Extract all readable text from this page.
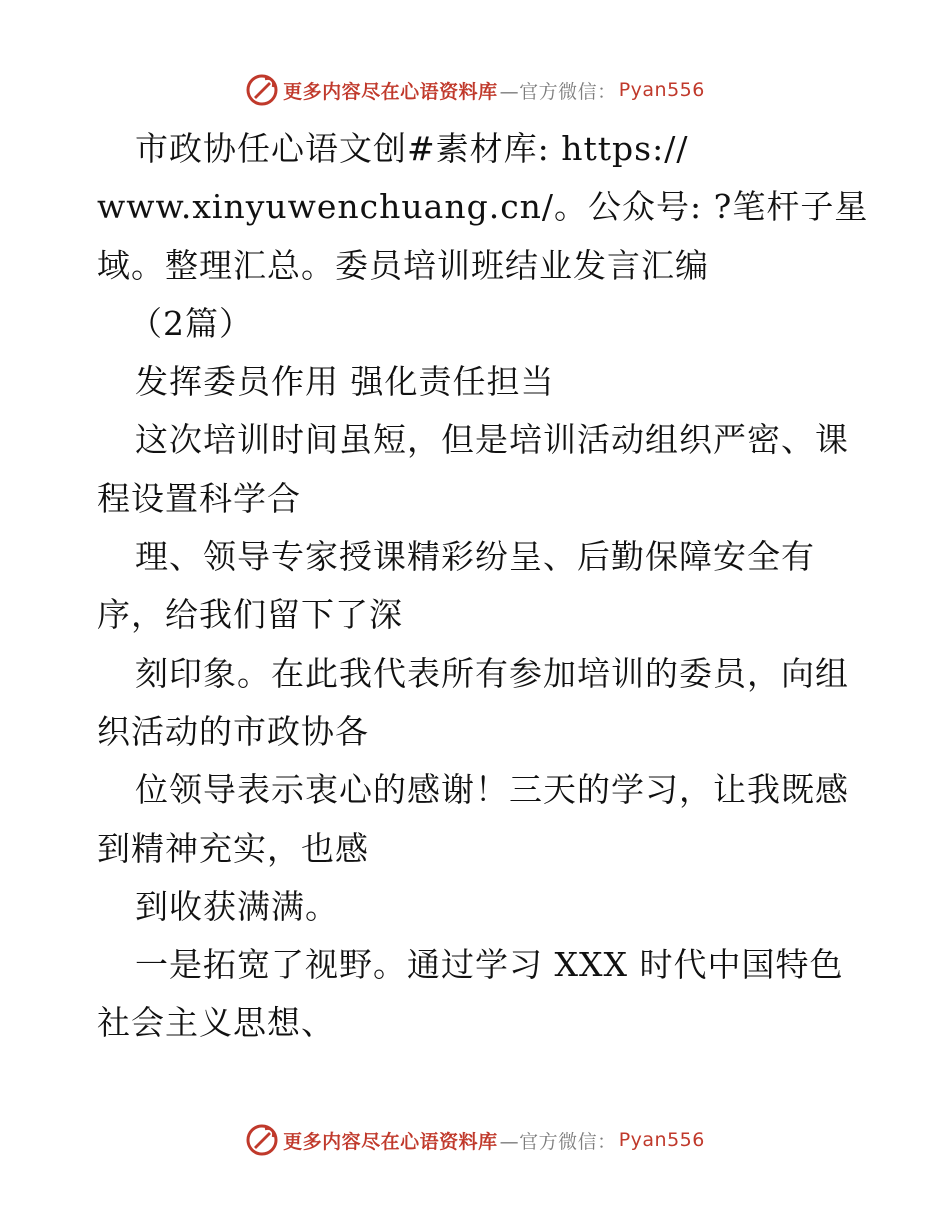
更多内容尽在心语资料库 —官方微信： Pyan556
市政协任心语文创#素材库: https://
www.xinyuwenchuang.cn/。公众号: ?笔杆子星
域。整理汇总。委员培训班结业发言汇编
（2篇）
发挥委员作用 强化责任担当
这次培训时间虽短，但是培训活动组织严密、课
程设置科学合
理、领导专家授课精彩纷呈、后勤保障安全有
序，给我们留下了深
刻印象。在此我代表所有参加培训的委员，向组
织活动的市政协各
位领导表示衷心的感谢！三天的学习，让我既感
到精神充实，也感
到收获满满。
一是拓宽了视野。通过学习 XXX 时代中国特色
社会主义思想、
更多内容尽在心语资料库 —官方微信： Pyan556
